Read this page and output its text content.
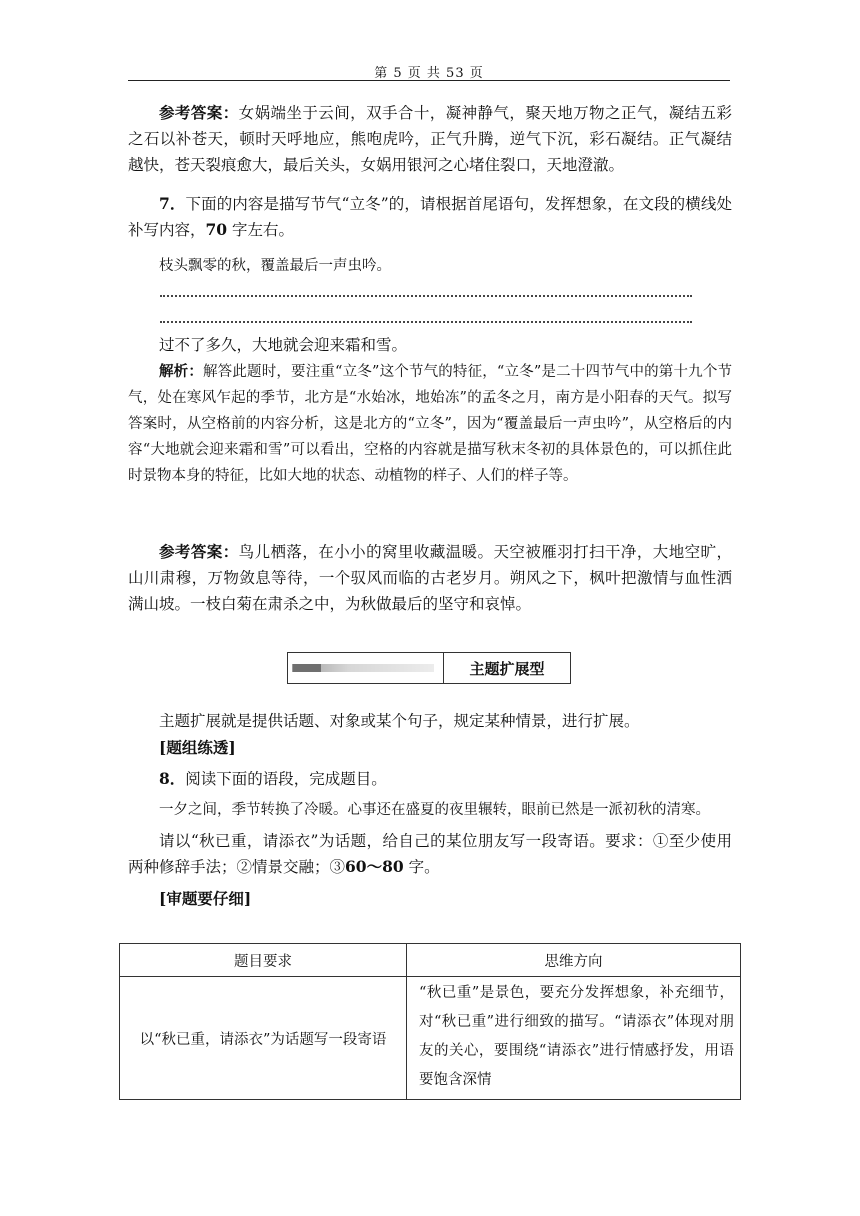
第 5 页 共 53 页
参考答案：女娲端坐于云间，双手合十，凝神静气，聚天地万物之正气，凝结五彩之石以补苍天，顿时天呼地应，熊咆虎吟，正气升腾，逆气下沉，彩石凝结。正气凝结越快，苍天裂痕愈大，最后关头，女娲用银河之心堵住裂口，天地澄澈。
7．下面的内容是描写节气“立冬”的，请根据首尾语句，发挥想象，在文段的横线处补写内容，70 字左右。
枝头飘零的秋，覆盖最后一声虫吟。
过不了多久，大地就会迎来霜和雪。
解析：解答此题时，要注重“立冬”这个节气的特征，“立冬”是二十四节气中的第十九个节气，处在寒风乍起的季节，北方是“水始冰，地始冻”的孟冬之月，南方是小阳春的天气。拟写答案时，从空格前的内容分析，这是北方的“立冬”，因为“覆盖最后一声虫吟”，从空格后的内容“大地就会迎来霜和雪”可以看出，空格的内容就是描写秋末冬初的具体景色的，可以抓住此时景物本身的特征，比如大地的状态、动植物的样子、人们的样子等。
参考答案：鸟儿栖落，在小小的窝里收藏温暖。天空被雁羽打扫干净，大地空旷，山川肃穆，万物敛息等待，一个驭风而临的古老岁月。朔风之下，枫叶把激情与血性洒满山坡。一枝白菊在肃杀之中，为秋做最后的坚守和哀悼。
主题扩展型
主题扩展就是提供话题、对象或某个句子，规定某种情景，进行扩展。
[题组练透]
8．阅读下面的语段，完成题目。
一夕之间，季节转换了冷暖。心事还在盛夏的夜里辗转，眼前已然是一派初秋的清寒。
请以“秋已重，请添衣”为话题，给自己的某位朋友写一段寄语。要求：①至少使用两种修辞手法；②情景交融；③60～80 字。
[审题要仔细]
题目要求	思维方向
以“秋已重，请添衣”为话题写一段寄语	“秋已重”是景色，要充分发挥想象，补充细节，对“秋已重”进行细致的描写。“请添衣”体现对朋友的关心，要围绕“请添衣”进行情感抒发，用语要饱含深情
